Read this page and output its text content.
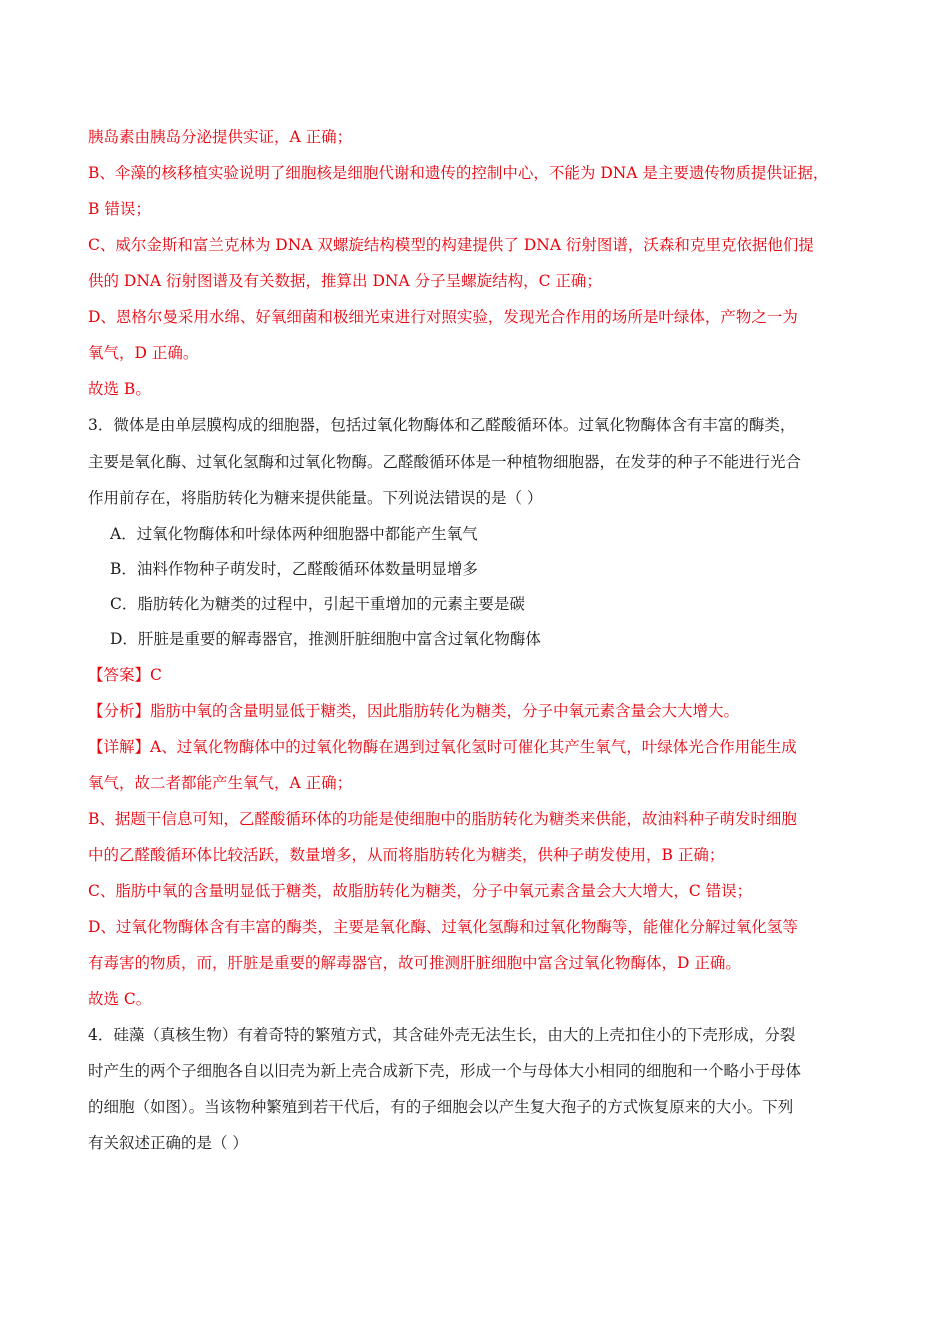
胰岛素由胰岛分泌提供实证，A 正确；
B、伞藻的核移植实验说明了细胞核是细胞代谢和遗传的控制中心，不能为 DNA 是主要遗传物质提供证据，
B 错误；
C、威尔金斯和富兰克林为 DNA 双螺旋结构模型的构建提供了 DNA 衍射图谱，沃森和克里克依据他们提
供的 DNA 衍射图谱及有关数据，推算出 DNA 分子呈螺旋结构，C 正确；
D、恩格尔曼采用水绵、好氧细菌和极细光束进行对照实验，发现光合作用的场所是叶绿体，产物之一为
氧气，D 正确。
故选 B。
3．微体是由单层膜构成的细胞器，包括过氧化物酶体和乙醛酸循环体。过氧化物酶体含有丰富的酶类，
主要是氧化酶、过氧化氢酶和过氧化物酶。乙醛酸循环体是一种植物细胞器，在发芽的种子不能进行光合
作用前存在，将脂肪转化为糖来提供能量。下列说法错误的是（ ）
A．过氧化物酶体和叶绿体两种细胞器中都能产生氧气
B．油料作物种子萌发时，乙醛酸循环体数量明显增多
C．脂肪转化为糖类的过程中，引起干重增加的元素主要是碳
D．肝脏是重要的解毒器官，推测肝脏细胞中富含过氧化物酶体
【答案】C
【分析】脂肪中氧的含量明显低于糖类，因此脂肪转化为糖类，分子中氧元素含量会大大增大。
【详解】A、过氧化物酶体中的过氧化物酶在遇到过氧化氢时可催化其产生氧气，叶绿体光合作用能生成
氧气，故二者都能产生氧气，A 正确；
B、据题干信息可知，乙醛酸循环体的功能是使细胞中的脂肪转化为糖类来供能，故油料种子萌发时细胞
中的乙醛酸循环体比较活跃，数量增多，从而将脂肪转化为糖类，供种子萌发使用，B 正确；
C、脂肪中氧的含量明显低于糖类，故脂肪转化为糖类，分子中氧元素含量会大大增大，C 错误；
D、过氧化物酶体含有丰富的酶类，主要是氧化酶、过氧化氢酶和过氧化物酶等，能催化分解过氧化氢等
有毒害的物质，而，肝脏是重要的解毒器官，故可推测肝脏细胞中富含过氧化物酶体，D 正确。
故选 C。
4．硅藻（真核生物）有着奇特的繁殖方式，其含硅外壳无法生长，由大的上壳扣住小的下壳形成，分裂
时产生的两个子细胞各自以旧壳为新上壳合成新下壳，形成一个与母体大小相同的细胞和一个略小于母体
的细胞（如图）。当该物种繁殖到若干代后，有的子细胞会以产生复大孢子的方式恢复原来的大小。下列
有关叙述正确的是（ ）
